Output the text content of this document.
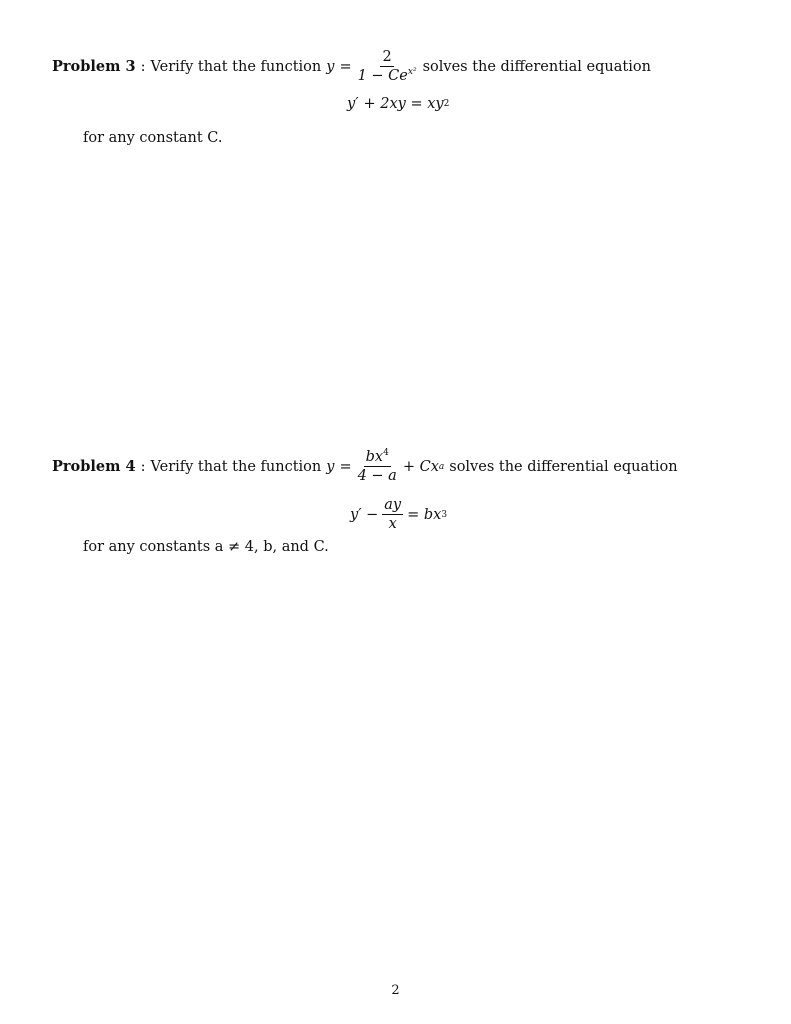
Problem 3 : Verify that the function $y = \frac{2}{1 - Ce^{x^2}}$ solves the differential equation
y′ + 2xy = xy 2
for any constant C.
Problem 4 : Verify that the function $y = \frac{bx^4}{4 - a} + Cx$ a solves the differential equation
$y' - \frac{ay}{x}$ = bx 3
for any constants a ≠ 4, b, and C.
2
